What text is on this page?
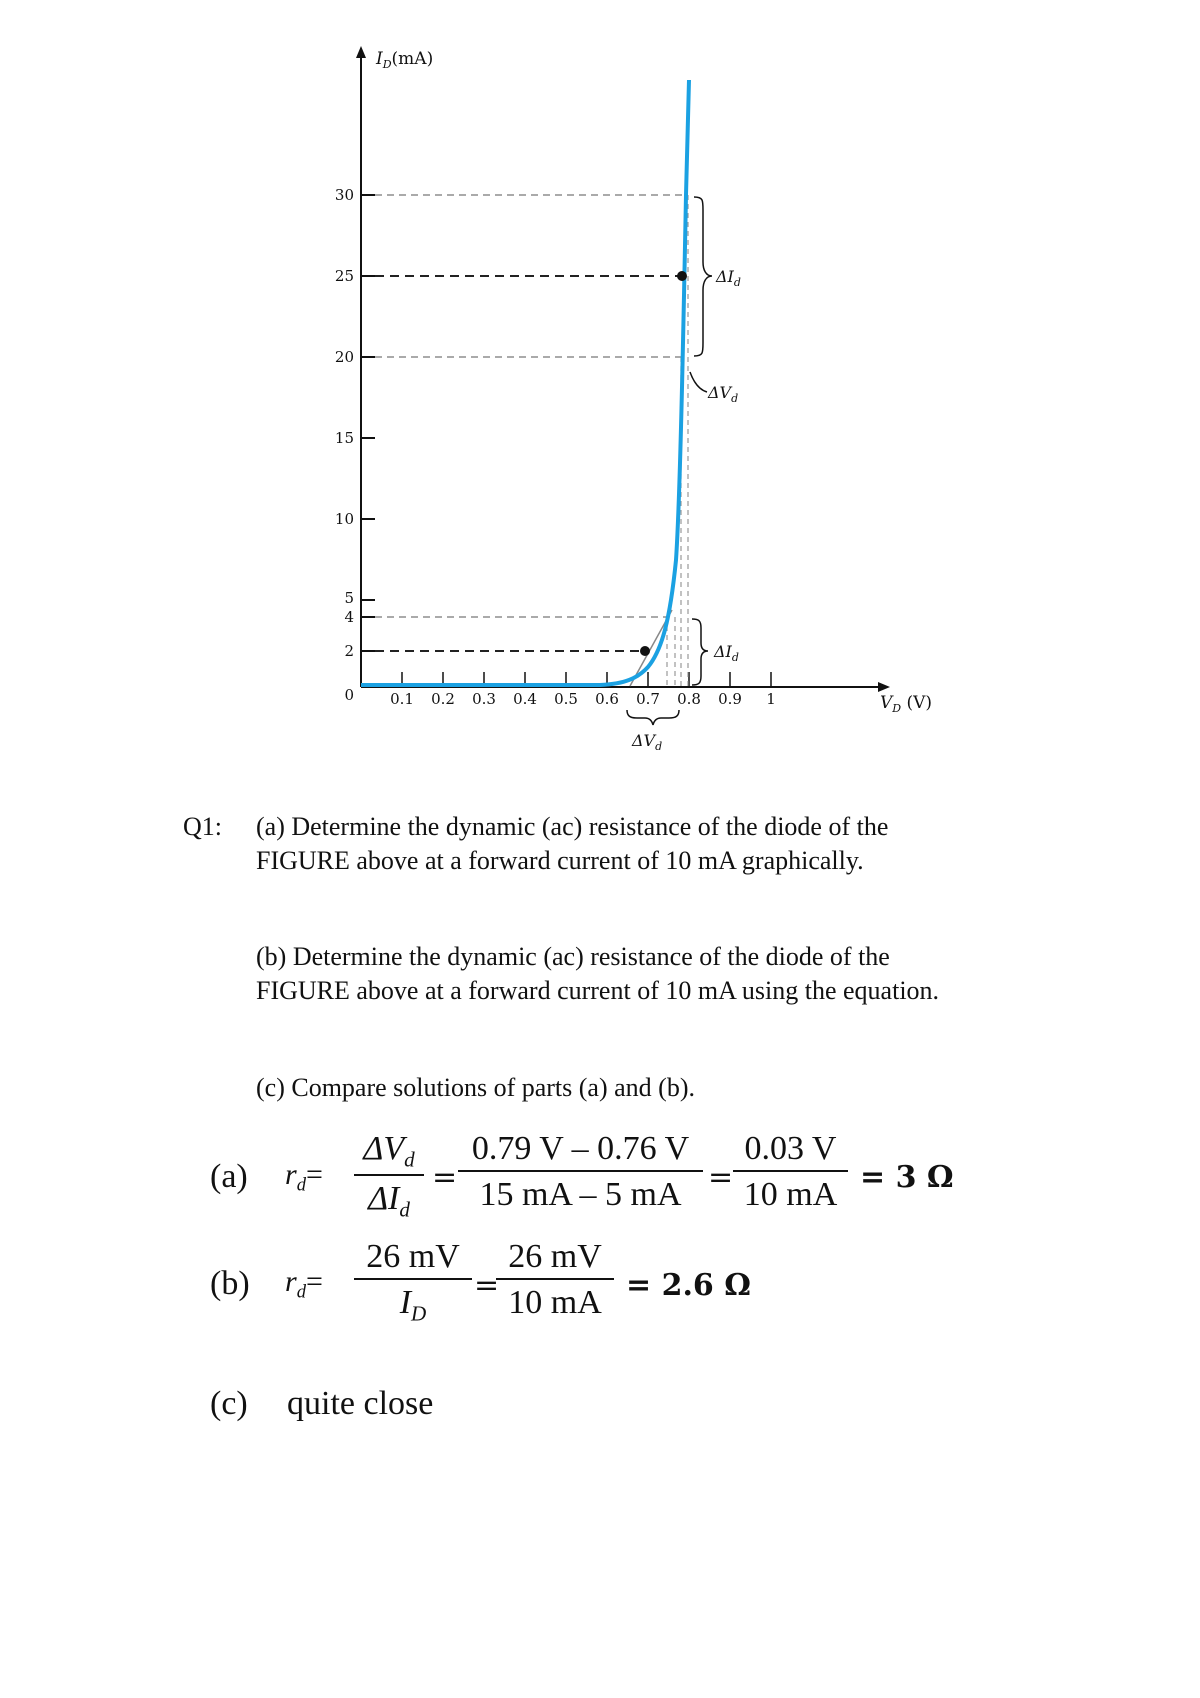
30
25
20
15
10
5
4
2
0 0.1 0.2 0.3 0.4 0.5 0.6 0.7 0.8 0.9 1
$I_D(mA)$
$V_D$ (V)
$\Delta I_d$
$\Delta V_d$
$\Delta I_d$
$\Delta V_d$
Q1: (a) Determine the dynamic (ac) resistance of the diode of the
FIGURE above at a forward current of 10 mA graphically.
(b) Determine the dynamic (ac) resistance of the diode of the
FIGURE above at a forward current of 10 mA using the equation.
(c) Compare solutions of parts (a) and (b).
(a) $r_d=$
$\Delta V_d$
$\Delta I_d$
= $\frac{0.79 V - 0.76 V}{15 mA - 5 mA} = \frac{0.03 V}{10 mA} = 3$ Ω
(b) $r_d= \frac{26 mV}{I_D}$ =
$\frac{26 mV}{10 mA} = 2.6$ Ω
(c) quite close
